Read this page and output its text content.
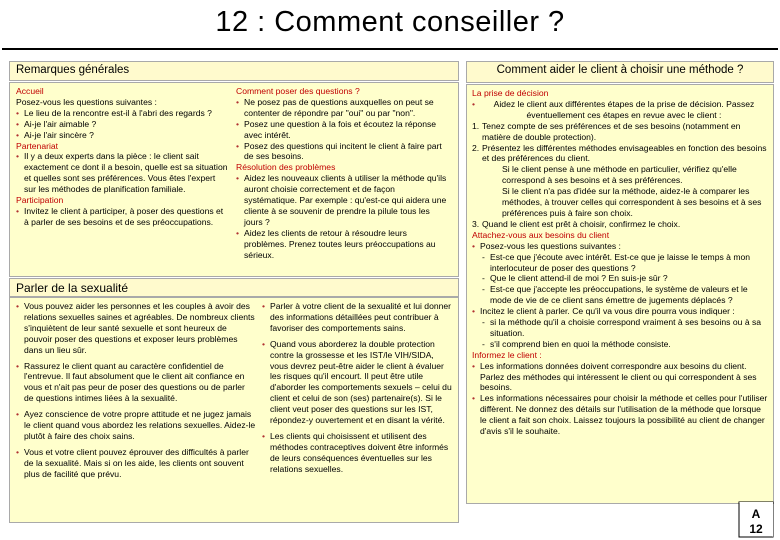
12 : Comment conseiller ?
Remarques générales	Comment aider le client à choisir une méthode ?
Accueil
Posez-vous les questions suivantes :
• Le lieu de la rencontre est-il à l'abri des regards ?
• Ai-je l'air aimable ?
• Ai-je l'air sincère ?
Partenariat
• Il y a deux experts dans la pièce : le client sait exactement ce dont il a besoin, quelle est sa situation et quelles sont ses préférences. Vous êtes l'expert sur les méthodes de planification familiale.
Participation
• Invitez le client à participer, à poser des questions et à parler de ses besoins et de ses préoccupations.
Comment poser des questions ?
• Ne posez pas de questions auxquelles on peut se contenter de répondre par "oui" ou par "non".
• Posez une question à la fois et écoutez la réponse avec intérêt.
• Posez des questions qui incitent le client à faire part de ses besoins.
Résolution des problèmes
• Aidez les nouveaux clients à utiliser la méthode qu'ils auront choisie correctement et de façon systématique. Par exemple : qu'est-ce qui aidera une cliente à se souvenir de prendre la pilule tous les jours ?
• Aidez les clients de retour à résoudre leurs problèmes. Prenez toutes leurs préoccupations au sérieux.
Parler de la sexualité
• Vous pouvez aider les personnes et les couples à avoir des relations sexuelles saines et agréables. De nombreux clients s'inquiètent de leur santé sexuelle et sont heureux de pouvoir poser des questions et exposer leurs problèmes dans un lieu sûr.
• Rassurez le client quant au caractère confidentiel de l'entrevue. Il faut absolument que le client ait confiance en vous et n'ait pas peur de poser des questions ou de parler de questions intimes liées à la sexualité.
• Ayez conscience de votre propre attitude et ne jugez jamais le client quand vous abordez les relations sexuelles. Aidez-le plutôt à faire des choix sains.
• Vous et votre client pouvez éprouver des difficultés à parler de la sexualité. Mais si on les aide, les clients ont souvent plus de facilité que prévu.
• Parler à votre client de la sexualité et lui donner des informations détaillées peut contribuer à favoriser des comportements sains.
• Quand vous aborderez la double protection contre la grossesse et les IST/le VIH/SIDA, vous devrez peut-être aider le client à évaluer les risques qu'il encourt. Il peut être utile d'aborder les comportements sexuels – celui du client et celui de son (ses) partenaire(s). Si le client veut poser des questions sur les IST, répondez-y ouvertement et en disant la vérité.
• Les clients qui choisissent et utilisent des méthodes contraceptives doivent être informés de leurs conséquences éventuelles sur les relations sexuelles.
La prise de décision
• Aidez le client aux différentes étapes de la prise de décision. Passez éventuellement ces étapes en revue avec le client :
1. Tenez compte de ses préférences et de ses besoins (notamment en matière de double protection).
2. Présentez les différentes méthodes envisageables en fonction des besoins et des préférences du client.
Si le client pense à une méthode en particulier, vérifiez qu'elle correspond à ses besoins et à ses préférences.
Si le client n'a pas d'idée sur la méthode, aidez-le à comparer les méthodes, à trouver celles qui correspondent à ses besoins et à ses préférences puis à faire son choix.
3. Quand le client est prêt à choisir, confirmez le choix.
Attachez-vous aux besoins du client
• Posez-vous les questions suivantes :
- Est-ce que j'écoute avec intérêt. Est-ce que je laisse le temps à mon interlocuteur de poser des questions ?
- Que le client attend-il de moi ? En suis-je sûr ?
- Est-ce que j'accepte les préoccupations, le système de valeurs et le mode de vie de ce client sans émettre de jugements déplacés ?
• Incitez le client à parler. Ce qu'il va vous dire pourra vous indiquer :
- si la méthode qu'il a choisie correspond vraiment à ses besoins ou à sa situation.
- s'il comprend bien en quoi la méthode consiste.
Informez le client :
• Les informations données doivent correspondre aux besoins du client. Parlez des méthodes qui intéressent le client ou qui correspondent à ses besoins.
• Les informations nécessaires pour choisir la méthode et celles pour l'utiliser diffèrent. Ne donnez des détails sur l'utilisation de la méthode que lorsque le client a fait son choix. Laissez toujours la possibilité au client de changer d'avis s'il le souhaite.
A
12
